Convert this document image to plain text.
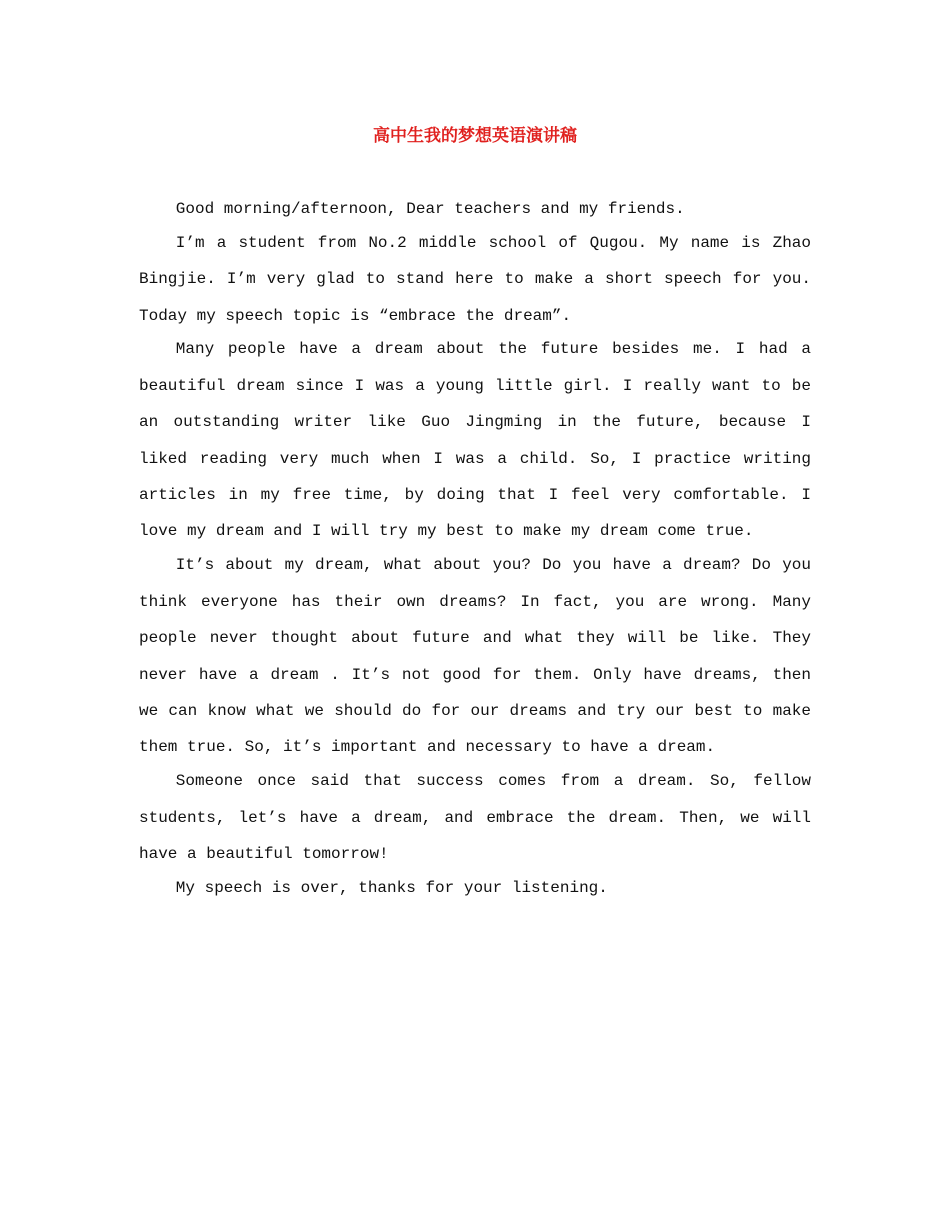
高中生我的梦想英语演讲稿

Good morning/afternoon, Dear teachers and my friends.

I’m a student from No.2 middle school of Qugou. My name is Zhao Bingjie. I’m very glad to stand here to make a short speech for you. Today my speech topic is “embrace the dream”.

Many people have a dream about the future besides me. I had a beautiful dream since I was a young little girl. I really want to be an outstanding writer like Guo Jingming in the future, because I liked reading very much when I was a child. So, I practice writing articles in my free time, by doing that I feel very comfortable. I love my dream and I will try my best to make my dream come true.

It’s about my dream, what about you? Do you have a dream? Do you think everyone has their own dreams? In fact, you are wrong. Many people never thought about future and what they will be like. They never have a dream . It’s not good for them. Only have dreams, then we can know what we should do for our dreams and try our best to make them true. So, it’s important and necessary to have a dream.

Someone once said that success comes from a dream. So, fellow students, let’s have a dream, and embrace the dream. Then, we will have a beautiful tomorrow!

My speech is over, thanks for your listening.
